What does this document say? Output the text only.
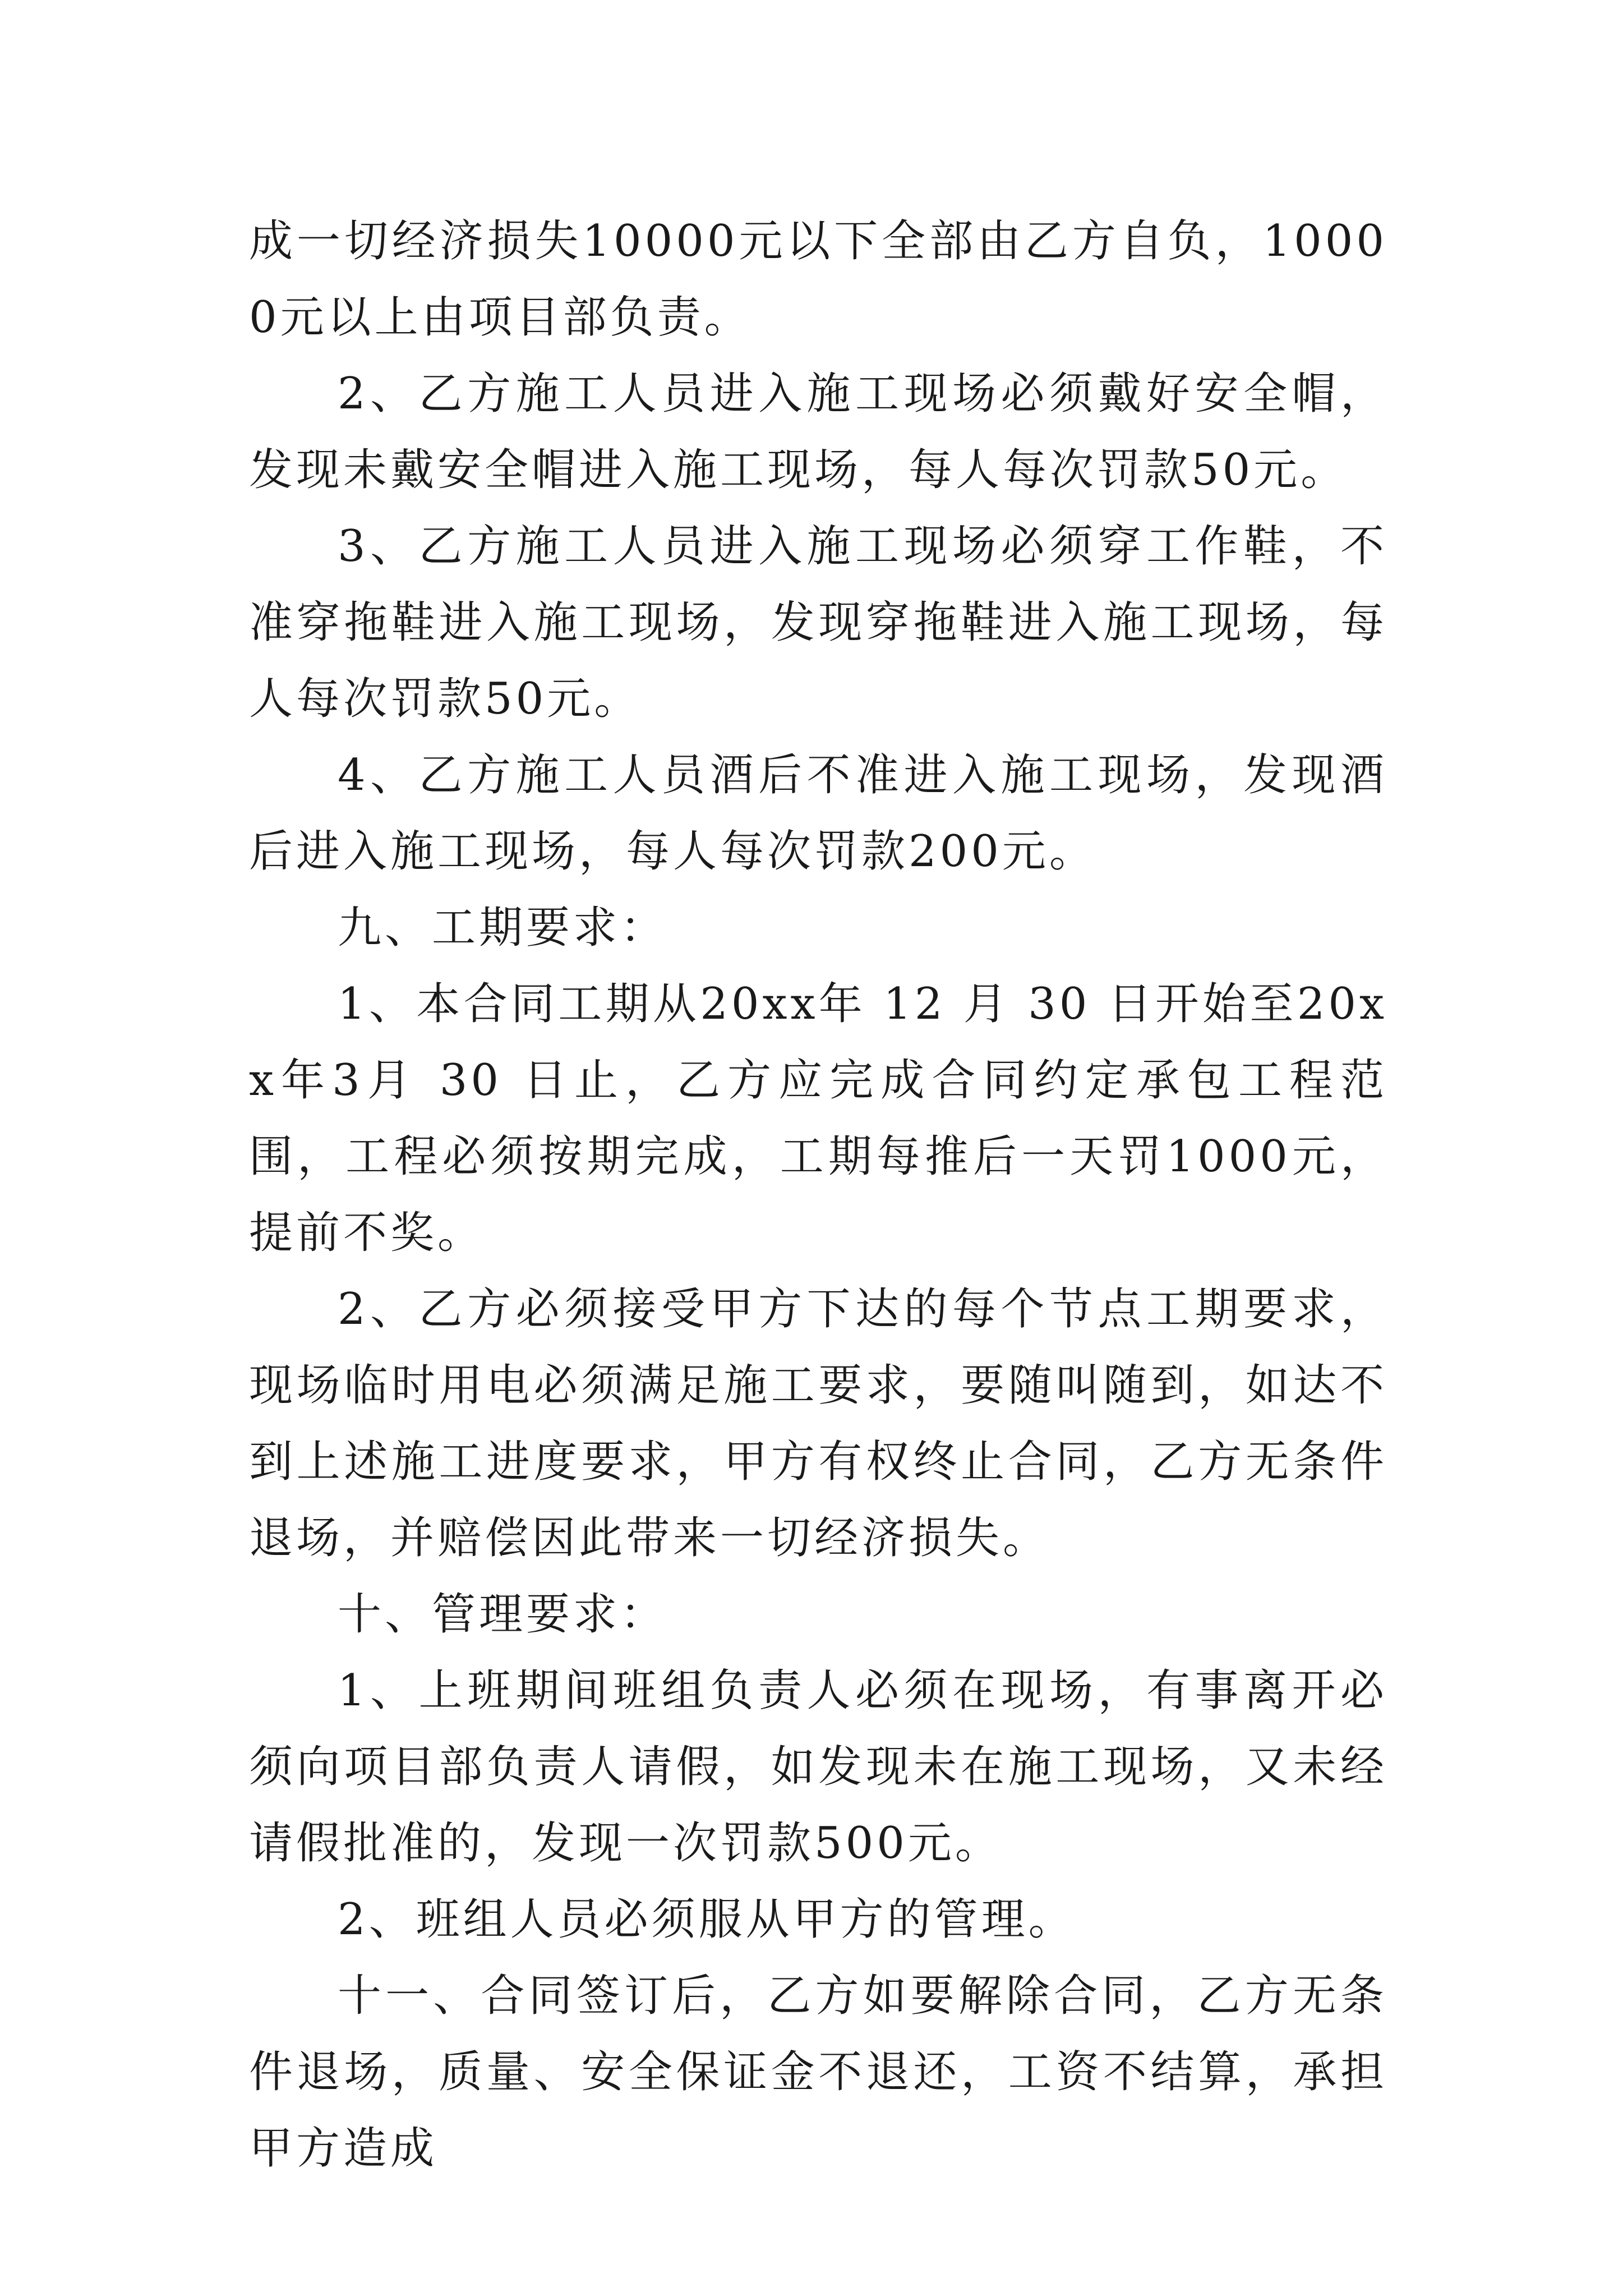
成一切经济损失10000元以下全部由乙方自负，10000元以上由项目部负责。

2、乙方施工人员进入施工现场必须戴好安全帽，发现未戴安全帽进入施工现场，每人每次罚款50元。

3、乙方施工人员进入施工现场必须穿工作鞋，不准穿拖鞋进入施工现场，发现穿拖鞋进入施工现场，每人每次罚款50元。

4、乙方施工人员酒后不准进入施工现场，发现酒后进入施工现场，每人每次罚款200元。

九、工期要求：

1、本合同工期从20xx年 12 月 30 日开始至20xx年3月 30 日止，乙方应完成合同约定承包工程范围，工程必须按期完成，工期每推后一天罚1000元，提前不奖。

2、乙方必须接受甲方下达的每个节点工期要求，现场临时用电必须满足施工要求，要随叫随到，如达不到上述施工进度要求，甲方有权终止合同，乙方无条件退场，并赔偿因此带来一切经济损失。

十、管理要求：

1、上班期间班组负责人必须在现场，有事离开必须向项目部负责人请假，如发现未在施工现场，又未经请假批准的，发现一次罚款500元。

2、班组人员必须服从甲方的管理。

十一、合同签订后，乙方如要解除合同，乙方无条件退场，质量、安全保证金不退还，工资不结算，承担甲方造成
